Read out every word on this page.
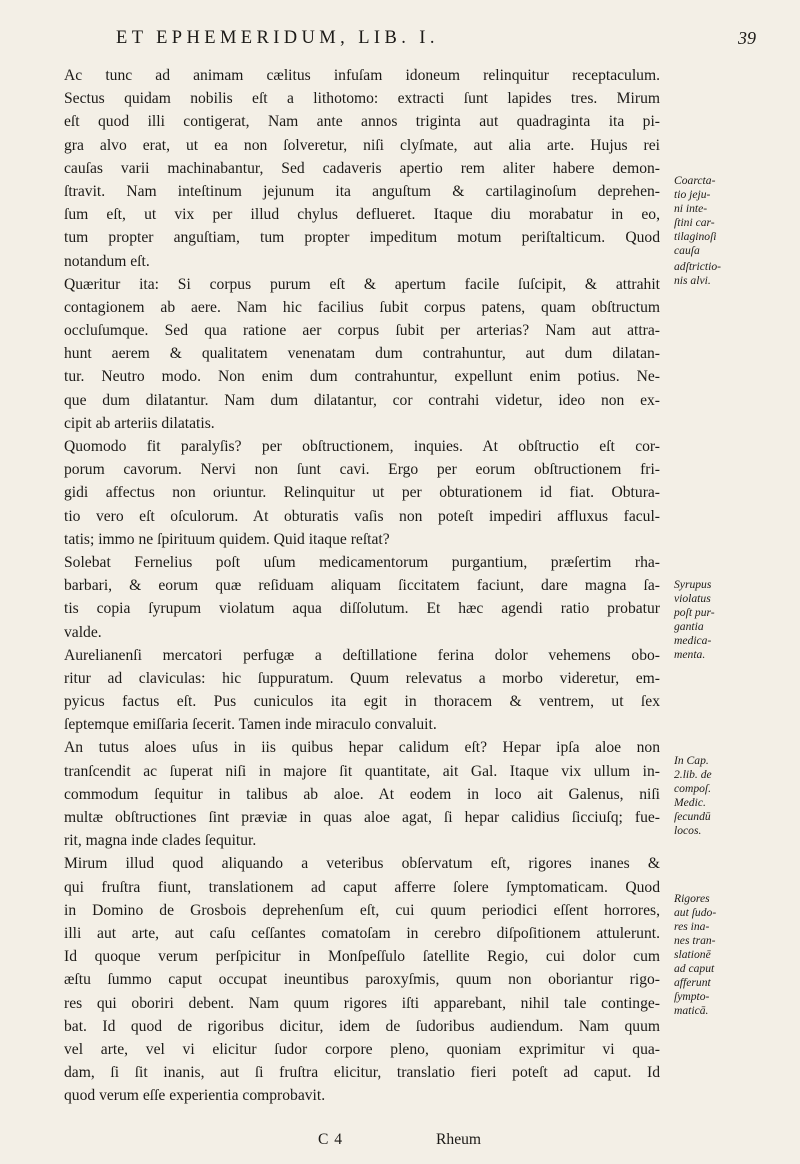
ET EPHEMERIDUM, LIB. I.	39
Ac tunc ad animam cælitus infuſam idoneum relinquitur receptaculum.
Sectus quidam nobilis eſt a lithotomo: extracti ſunt lapides tres. Mirum
eſt quod illi contigerat, Nam ante annos triginta aut quadraginta ita pi-
gra alvo erat, ut ea non ſolveretur, niſi clyſmate, aut alia arte. Hujus rei
cauſas varii machinabantur, Sed cadaveris apertio rem aliter habere demon-
ſtravit. Nam inteſtinum jejunum ita anguſtum & cartilaginoſum deprehen-
ſum eſt, ut vix per illud chylus deflueret. Itaque diu morabatur in eo,
tum propter anguſtiam, tum propter impeditum motum periſtalticum. Quod
notandum eſt.
Quæritur ita: Si corpus purum eſt & apertum facile ſuſcipit, & attrahit
contagionem ab aere. Nam hic facilius ſubit corpus patens, quam obſtructum
occluſumque. Sed qua ratione aer corpus ſubit per arterias? Nam aut attra-
hunt aerem & qualitatem venenatam dum contrahuntur, aut dum dilatan-
tur. Neutro modo. Non enim dum contrahuntur, expellunt enim potius. Ne-
que dum dilatantur. Nam dum dilatantur, cor contrahi videtur, ideo non ex-
cipit ab arteriis dilatatis.
Quomodo fit paralyſis? per obſtructionem, inquies. At obſtructio eſt cor-
porum cavorum. Nervi non ſunt cavi. Ergo per eorum obſtructionem fri-
gidi affectus non oriuntur. Relinquitur ut per obturationem id fiat. Obtura-
tio vero eſt oſculorum. At obturatis vaſis non poteſt impediri affluxus facul-
tatis; immo ne ſpirituum quidem. Quid itaque reſtat?
Solebat Fernelius poſt uſum medicamentorum purgantium, præſertim rha-
barbari, & eorum quæ reſiduam aliquam ſiccitatem faciunt, dare magna ſa-
tis copia ſyrupum violatum aqua diſſolutum. Et hæc agendi ratio probatur
valde.
Aurelianenſi mercatori perfugæ a deſtillatione ferina dolor vehemens obo-
ritur ad claviculas: hic ſuppuratum. Quum relevatus a morbo videretur, em-
pyicus factus eſt. Pus cuniculos ita egit in thoracem & ventrem, ut ſex
ſeptemque emiſſaria ſecerit. Tamen inde miraculo convaluit.
An tutus aloes uſus in iis quibus hepar calidum eſt? Hepar ipſa aloe non
tranſcendit ac ſuperat niſi in majore ſit quantitate, ait Gal. Itaque vix ullum in-
commodum ſequitur in talibus ab aloe. At eodem in loco ait Galenus, niſi
multæ obſtructiones ſint præviæ in quas aloe agat, ſi hepar calidius ſicciuſq; fue-
rit, magna inde clades ſequitur.
Mirum illud quod aliquando a veteribus obſervatum eſt, rigores inanes &
qui fruſtra fiunt, translationem ad caput afferre ſolere ſymptomaticam. Quod
in Domino de Grosbois deprehenſum eſt, cui quum periodici eſſent horrores,
illi aut arte, aut caſu ceſſantes comatoſam in cerebro diſpoſitionem attulerunt.
Id quoque verum perſpicitur in Monſpeſſulo ſatellite Regio, cui dolor cum
æſtu ſummo caput occupat ineuntibus paroxyſmis, quum non oboriantur rigo-
res qui oboriri debent. Nam quum rigores iſti apparebant, nihil tale continge-
bat. Id quod de rigoribus dicitur, idem de ſudoribus audiendum. Nam quum
vel arte, vel vi elicitur ſudor corpore pleno, quoniam exprimitur vi qua-
dam, ſi ſit inanis, aut ſi fruſtra elicitur, translatio fieri poteſt ad caput. Id
quod verum eſſe experientia comprobavit.
Coarcta-
tio jeju-
ni inte-
ſtini car-
tilaginoſi
cauſa
adſtrictio-
nis alvi.
Syrupus
violatus
poſt pur-
gantia
medica-
menta.
In Cap.
2.lib. de
compoſ.
Medic.
ſecundū
locos.
Rigores
aut ſudo-
res ina-
nes tran-
slationē
ad caput
afferunt
ſympto-
maticā.
C 4	Rheum
